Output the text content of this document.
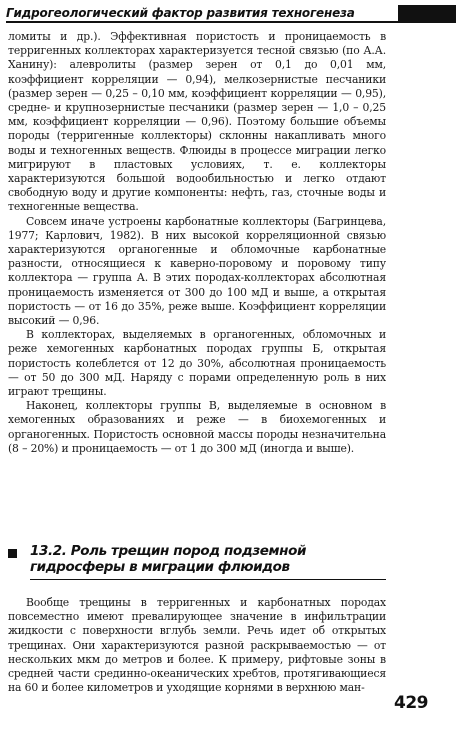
Гидрогеологический фактор развития техногенеза

ломиты и др.). Эффективная пористость и проницаемость в терригенных коллекторах характеризуется тесной связью (по А.А. Ханину): алевролиты (размер зерен от 0,1 до 0,01 мм, коэффициент корреляции — 0,94), мелкозернистые песчаники (размер зерен — 0,25 – 0,10 мм, коэффициент корреляции — 0,95), средне- и крупнозернистые песчаники (размер зерен — 1,0 – 0,25 мм, коэффициент корреляции — 0,96). Поэтому большие объемы породы (терригенные коллекторы) склонны накапливать много воды и техногенных веществ. Флюиды в процессе миграции легко мигрируют в пластовых условиях, т. е. коллекторы характеризуются большой водообильностью и легко отдают свободную воду и другие компоненты: нефть, газ, сточные воды и техногенные вещества.

Совсем иначе устроены карбонатные коллекторы (Багринцева, 1977; Карлович, 1982). В них высокой корреляционной связью характеризуются органогенные и обломочные карбонатные разности, относящиеся к каверно-поровому и поровому типу коллектора — группа А. В этих породах-коллекторах абсолютная проницаемость изменяется от 300 до 100 мД и выше, а открытая пористость — от 16 до 35%, реже выше. Коэффициент корреляции высокий — 0,96.

В коллекторах, выделяемых в органогенных, обломочных и реже хемогенных карбонатных породах группы Б, открытая пористость колеблется от 12 до 30%, абсолютная проницаемость — от 50 до 300 мД. Наряду с порами определенную роль в них играют трещины.

Наконец, коллекторы группы В, выделяемые в основном в хемогенных образованиях и реже — в биохемогенных и органогенных. Пористость основной массы породы незначительна (8 – 20%) и проницаемость — от 1 до 300 мД (иногда и выше).

13.2. Роль трещин пород подземной гидросферы в миграции флюидов

Вообще трещины в терригенных и карбонатных породах повсеместно имеют превалирующее значение в инфильтрации жидкости с поверхности вглубь земли. Речь идет об открытых трещинах. Они характеризуются разной раскрываемостью — от нескольких мкм до метров и более. К примеру, рифтовые зоны в средней части срединно-океанических хребтов, протягивающиеся на 60 и более километров и уходящие корнями в верхнюю ман-

429
